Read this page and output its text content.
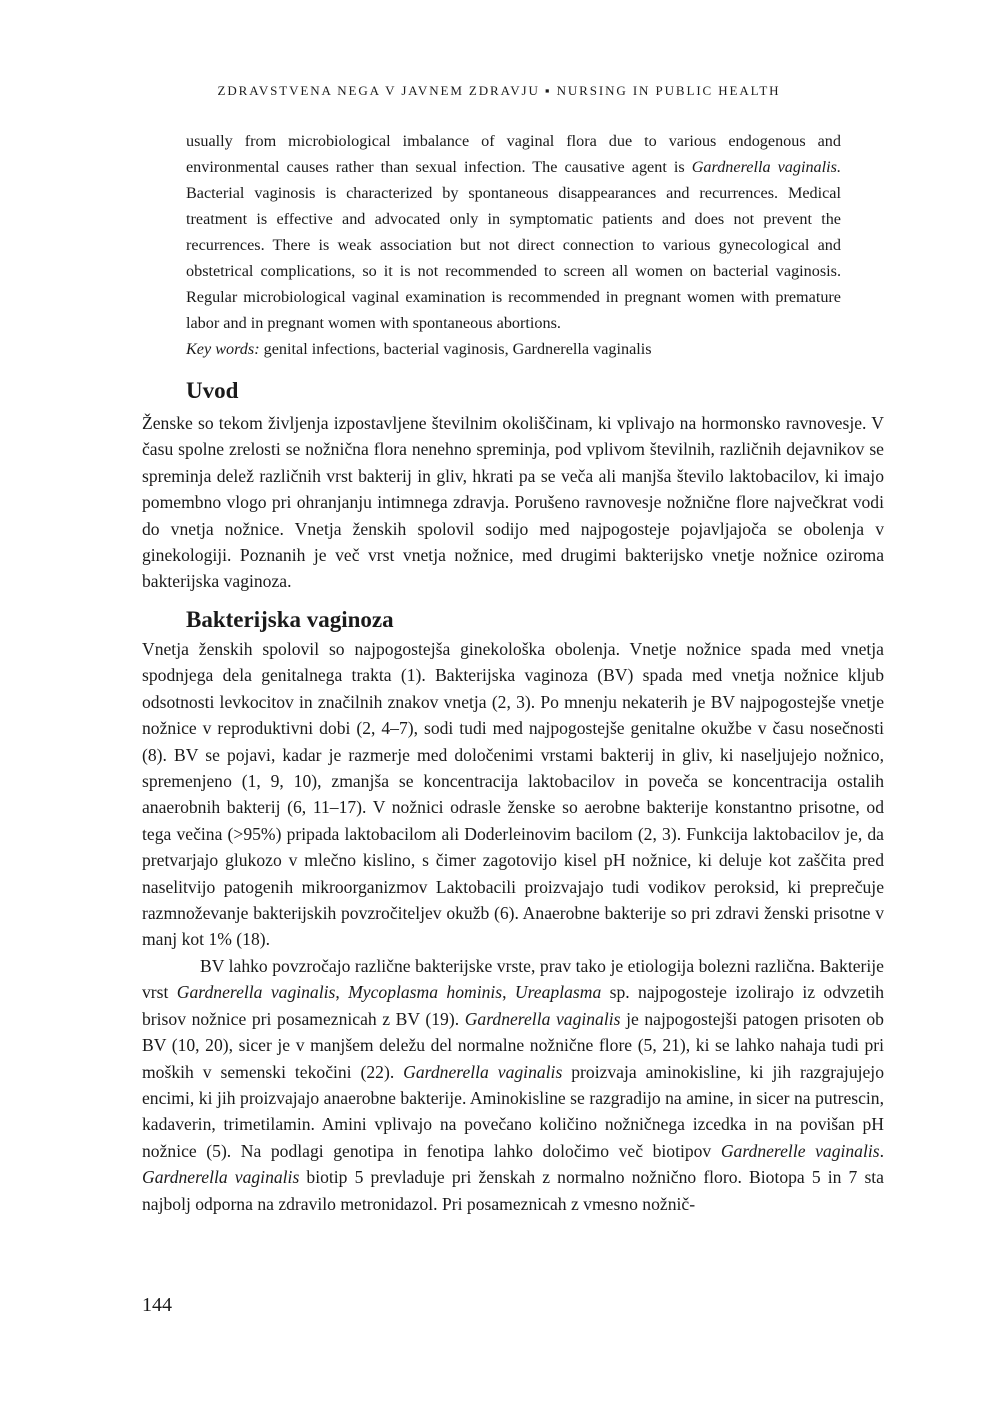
ZDRAVSTVENA NEGA V JAVNEM ZDRAVJU ▪ NURSING IN PUBLIC HEALTH

usually from microbiological imbalance of vaginal flora due to various endogenous and environmental causes rather than sexual infection. The causative agent is Gardnerella vaginalis. Bacterial vaginosis is characterized by spontaneous disappearances and recurrences. Medical treatment is effective and advocated only in symptomatic patients and does not prevent the recurrences. There is weak association but not direct connection to various gynecological and obstetrical complications, so it is not recommended to screen all women on bacterial vaginosis. Regular microbiological vaginal examination is recommended in pregnant women with premature labor and in pregnant women with spontaneous abortions.

Key words: genital infections, bacterial vaginosis, Gardnerella vaginalis

Uvod

Ženske so tekom življenja izpostavljene številnim okoliščinam, ki vplivajo na hormonsko ravnovesje. V času spolne zrelosti se nožnična flora nenehno spreminja, pod vplivom številnih, različnih dejavnikov se spreminja delež različnih vrst bakterij in gliv, hkrati pa se veča ali manjša število laktobacilov, ki imajo pomembno vlogo pri ohranjanju intimnega zdravja. Porušeno ravnovesje nožnične flore največkrat vodi do vnetja nožnice. Vnetja ženskih spolovil sodijo med najpogosteje pojavljajoča se obolenja v ginekologiji. Poznanih je več vrst vnetja nožnice, med drugimi bakterijsko vnetje nožnice oziroma bakterijska vaginoza.

Bakterijska vaginoza

Vnetja ženskih spolovil so najpogostejša ginekološka obolenja. Vnetje nožnice spada med vnetja spodnjega dela genitalnega trakta (1). Bakterijska vaginoza (BV) spada med vnetja nožnice kljub odsotnosti levkocitov in značilnih znakov vnetja (2, 3). Po mnenju nekaterih je BV najpogostejše vnetje nožnice v reproduktivni dobi (2, 4–7), sodi tudi med najpogostejše genitalne okužbe v času nosečnosti (8). BV se pojavi, kadar je razmerje med določenimi vrstami bakterij in gliv, ki naseljujejo nožnico, spremenjeno (1, 9, 10), zmanjša se koncentracija laktobacilov in poveča se koncentracija ostalih anaerobnih bakterij (6, 11–17). V nožnici odrasle ženske so aerobne bakterije konstantno prisotne, od tega večina (>95%) pripada laktobacilom ali Doderleinovim bacilom (2, 3). Funkcija laktobacilov je, da pretvarjajo glukozo v mlečno kislino, s čimer zagotovijo kisel pH nožnice, ki deluje kot zaščita pred naselitvijo patogenih mikroorganizmov Laktobacili proizvajajo tudi vodikov peroksid, ki preprečuje razmnoževanje bakterijskih povzročiteljev okužb (6). Anaerobne bakterije so pri zdravi ženski prisotne v manj kot 1% (18).

BV lahko povzročajo različne bakterijske vrste, prav tako je etiologija bolezni različna. Bakterije vrst Gardnerella vaginalis, Mycoplasma hominis, Ureaplasma sp. najpogosteje izolirajo iz odvzetih brisov nožnice pri posameznicah z BV (19). Gardnerella vaginalis je najpogostejši patogen prisoten ob BV (10, 20), sicer je v manjšem deležu del normalne nožnične flore (5, 21), ki se lahko nahaja tudi pri moških v semenski tekočini (22). Gardnerella vaginalis proizvaja aminokisline, ki jih razgrajujejo encimi, ki jih proizvajajo anaerobne bakterije. Aminokisline se razgradijo na amine, in sicer na putrescin, kadaverin, trimetilamin. Amini vplivajo na povečano količino nožničnega izcedka in na povišan pH nožnice (5). Na podlagi genotipa in fenotipa lahko določimo več biotipov Gardnerelle vaginalis. Gardnerella vaginalis biotip 5 prevladuje pri ženskah z normalno nožnično floro. Biotopa 5 in 7 sta najbolj odporna na zdravilo metronidazol. Pri posameznicah z vmesno nožnič-

144
